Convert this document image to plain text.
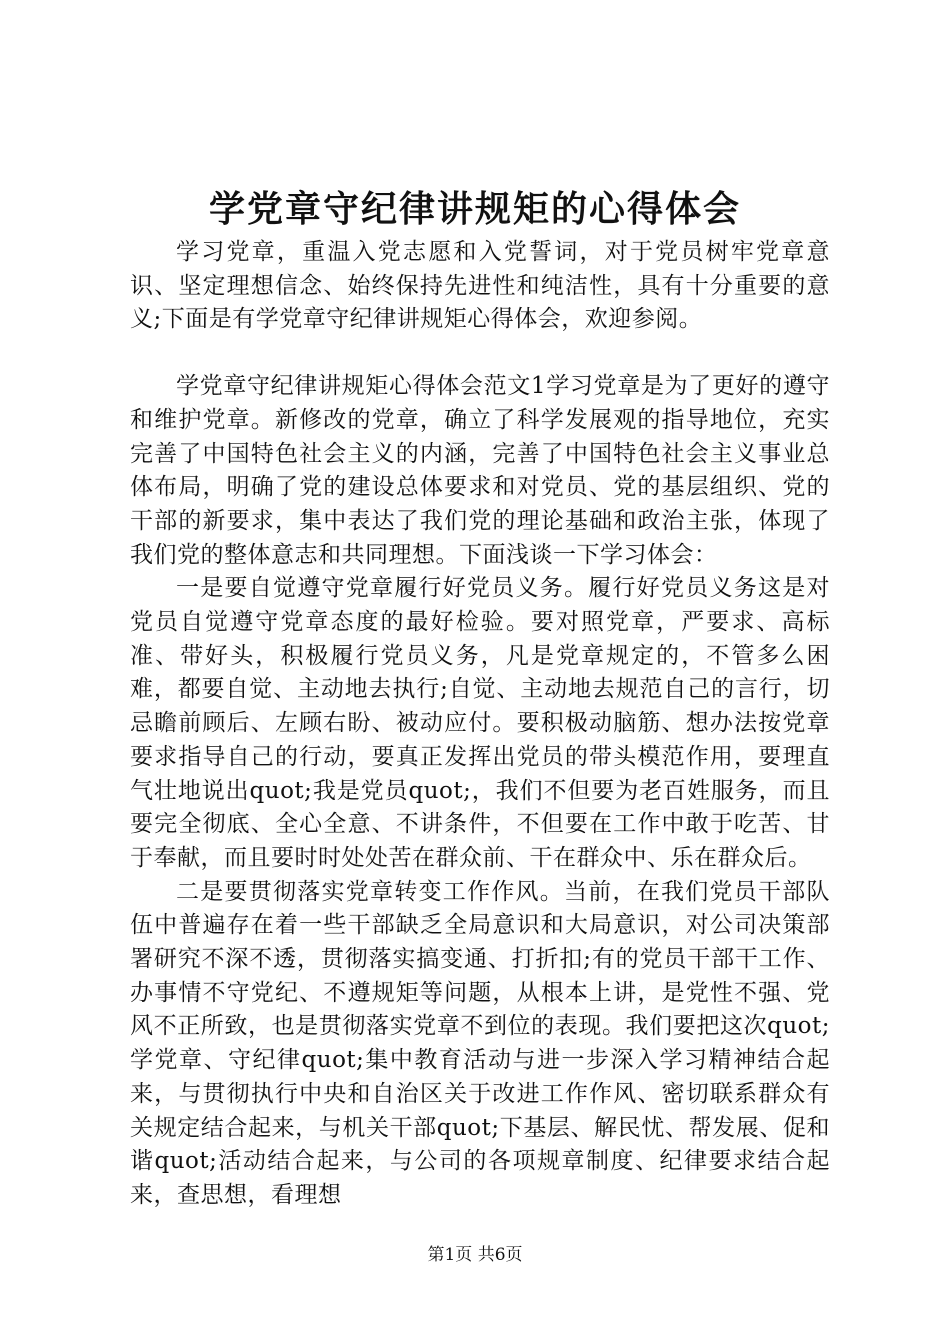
学党章守纪律讲规矩的心得体会

学习党章，重温入党志愿和入党誓词，对于党员树牢党章意识、坚定理想信念、始终保持先进性和纯洁性，具有十分重要的意义;下面是有学党章守纪律讲规矩心得体会，欢迎参阅。

学党章守纪律讲规矩心得体会范文1学习党章是为了更好的遵守和维护党章。新修改的党章，确立了科学发展观的指导地位，充实完善了中国特色社会主义的内涵，完善了中国特色社会主义事业总体布局，明确了党的建设总体要求和对党员、党的基层组织、党的干部的新要求，集中表达了我们党的理论基础和政治主张，体现了我们党的整体意志和共同理想。下面浅谈一下学习体会：

一是要自觉遵守党章履行好党员义务。履行好党员义务这是对党员自觉遵守党章态度的最好检验。要对照党章，严要求、高标准、带好头，积极履行党员义务，凡是党章规定的，不管多么困难，都要自觉、主动地去执行;自觉、主动地去规范自己的言行，切忌瞻前顾后、左顾右盼、被动应付。要积极动脑筋、想办法按党章要求指导自己的行动，要真正发挥出党员的带头模范作用，要理直气壮地说出quot;我是党员quot;，我们不但要为老百姓服务，而且要完全彻底、全心全意、不讲条件，不但要在工作中敢于吃苦、甘于奉献，而且要时时处处苦在群众前、干在群众中、乐在群众后。

二是要贯彻落实党章转变工作作风。当前，在我们党员干部队伍中普遍存在着一些干部缺乏全局意识和大局意识，对公司决策部署研究不深不透，贯彻落实搞变通、打折扣;有的党员干部干工作、办事情不守党纪、不遵规矩等问题，从根本上讲，是党性不强、党风不正所致，也是贯彻落实党章不到位的表现。我们要把这次quot;学党章、守纪律quot;集中教育活动与进一步深入学习精神结合起来，与贯彻执行中央和自治区关于改进工作作风、密切联系群众有关规定结合起来，与机关干部quot;下基层、解民忧、帮发展、促和谐quot;活动结合起来，与公司的各项规章制度、纪律要求结合起来，查思想，看理想

第1页 共6页
